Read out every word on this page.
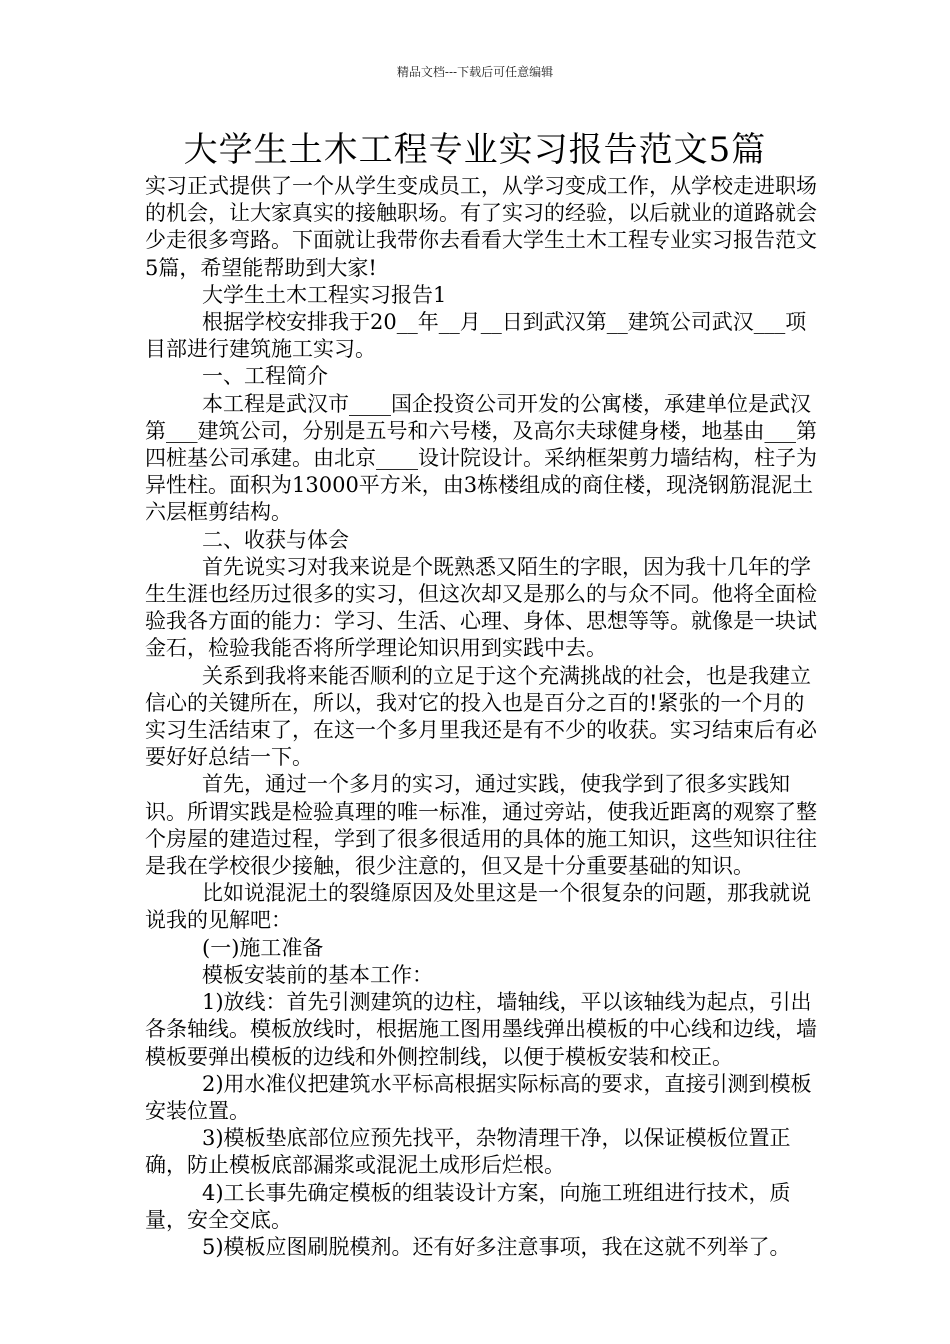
精品文档---下载后可任意编辑
大学生土木工程专业实习报告范文5篇

实习正式提供了一个从学生变成员工，从学习变成工作，从学校走进职场的机会，让大家真实的接触职场。有了实习的经验，以后就业的道路就会少走很多弯路。下面就让我带你去看看大学生土木工程专业实习报告范文5篇，希望能帮助到大家!

大学生土木工程实习报告1

根据学校安排我于20__年__月__日到武汉第__建筑公司武汉___项目部进行建筑施工实习。

一、工程简介

本工程是武汉市____国企投资公司开发的公寓楼，承建单位是武汉第___建筑公司，分别是五号和六号楼，及高尔夫球健身楼，地基由___第四桩基公司承建。由北京____设计院设计。采纳框架剪力墙结构，柱子为异性柱。面积为13000平方米，由3栋楼组成的商住楼，现浇钢筋混泥土六层框剪结构。

二、收获与体会

首先说实习对我来说是个既熟悉又陌生的字眼，因为我十几年的学生生涯也经历过很多的实习，但这次却又是那么的与众不同。他将全面检验我各方面的能力：学习、生活、心理、身体、思想等等。就像是一块试金石，检验我能否将所学理论知识用到实践中去。

关系到我将来能否顺利的立足于这个充满挑战的社会，也是我建立信心的关键所在，所以，我对它的投入也是百分之百的!紧张的一个月的实习生活结束了，在这一个多月里我还是有不少的收获。实习结束后有必要好好总结一下。

首先，通过一个多月的实习，通过实践，使我学到了很多实践知识。所谓实践是检验真理的唯一标准，通过旁站，使我近距离的观察了整个房屋的建造过程，学到了很多很适用的具体的施工知识，这些知识往往是我在学校很少接触，很少注意的，但又是十分重要基础的知识。

比如说混泥土的裂缝原因及处里这是一个很复杂的问题，那我就说说我的见解吧：

(一)施工准备

模板安装前的基本工作：

1)放线：首先引测建筑的边柱，墙轴线，平以该轴线为起点，引出各条轴线。模板放线时，根据施工图用墨线弹出模板的中心线和边线，墙模板要弹出模板的边线和外侧控制线，以便于模板安装和校正。

2)用水准仪把建筑水平标高根据实际标高的要求，直接引测到模板安装位置。

3)模板垫底部位应预先找平，杂物清理干净，以保证模板位置正确，防止模板底部漏浆或混泥土成形后烂根。

4)工长事先确定模板的组装设计方案，向施工班组进行技术，质量，安全交底。

5)模板应图刷脱模剂。还有好多注意事项，我在这就不列举了。
